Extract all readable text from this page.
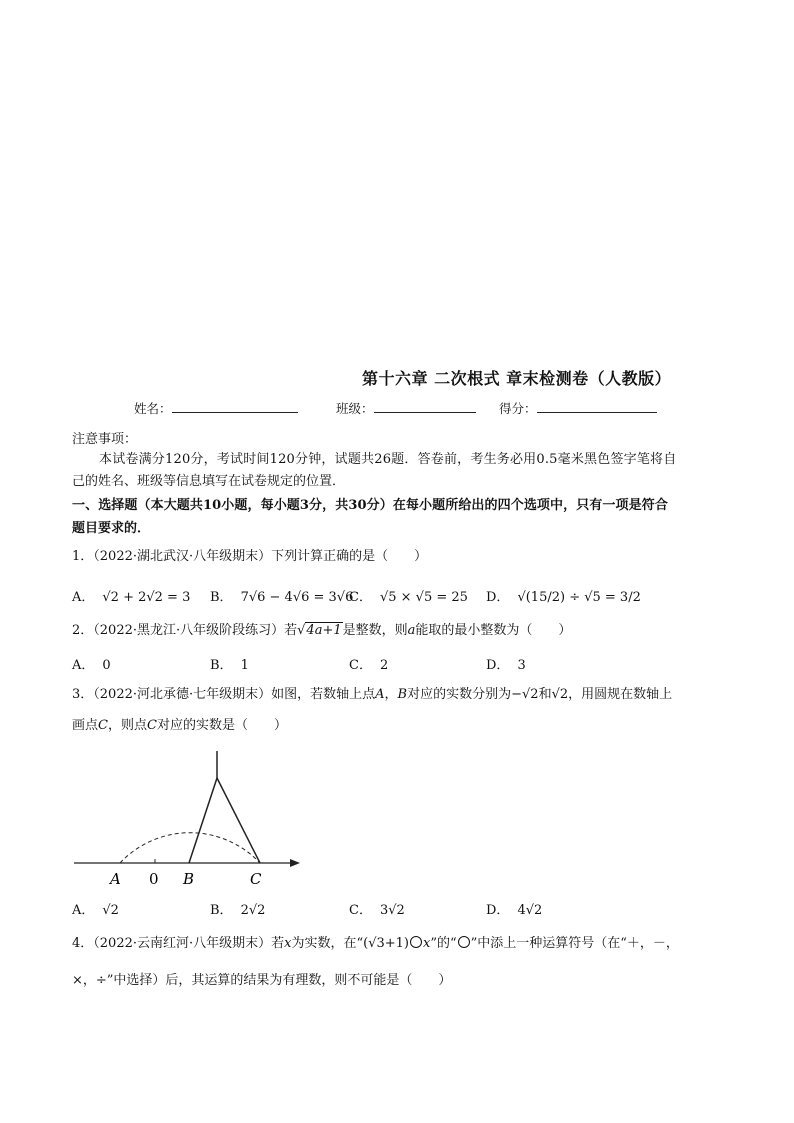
第十六章 二次根式 章末检测卷（人教版）
姓名：	班级：	得分：
注意事项：
本试卷满分120分，考试时间120分钟，试题共26题．答卷前，考生务必用0.5毫米黑色签字笔将自
己的姓名、班级等信息填写在试卷规定的位置．
一、选择题（本大题共10小题，每小题3分，共30分）在每小题所给出的四个选项中，只有一项是符合
题目要求的．
1．（2022·湖北武汉·八年级期末）下列计算正确的是（　　）
A． √2 + 2√2 = 3 B． 7√6 − 4√6 = 3√6
C． √5 × √5 = 25 D． √(15/2) ÷ √5 = 3/2
2．（2022·黑龙江·八年级阶段练习）若√4a+1是整数，则a能取的最小整数为（　　）
A． 0	B． 1	C． 2	D． 3
3．（2022·河北承德·七年级期末）如图，若数轴上点A，B对应的实数分别为−√2和√2，用圆规在数轴上
画点C，则点C对应的实数是（　　）
A 0 B	C
A． √2	B． 2√2	C． 3√2	D． 4√2
4．（2022·云南红河·八年级期末）若x为实数，在“(√3+1) x”的“ ”中添上一种运算符号（在“＋，－，
×，÷”中选择）后，其运算的结果为有理数，则不可能是（　　）
